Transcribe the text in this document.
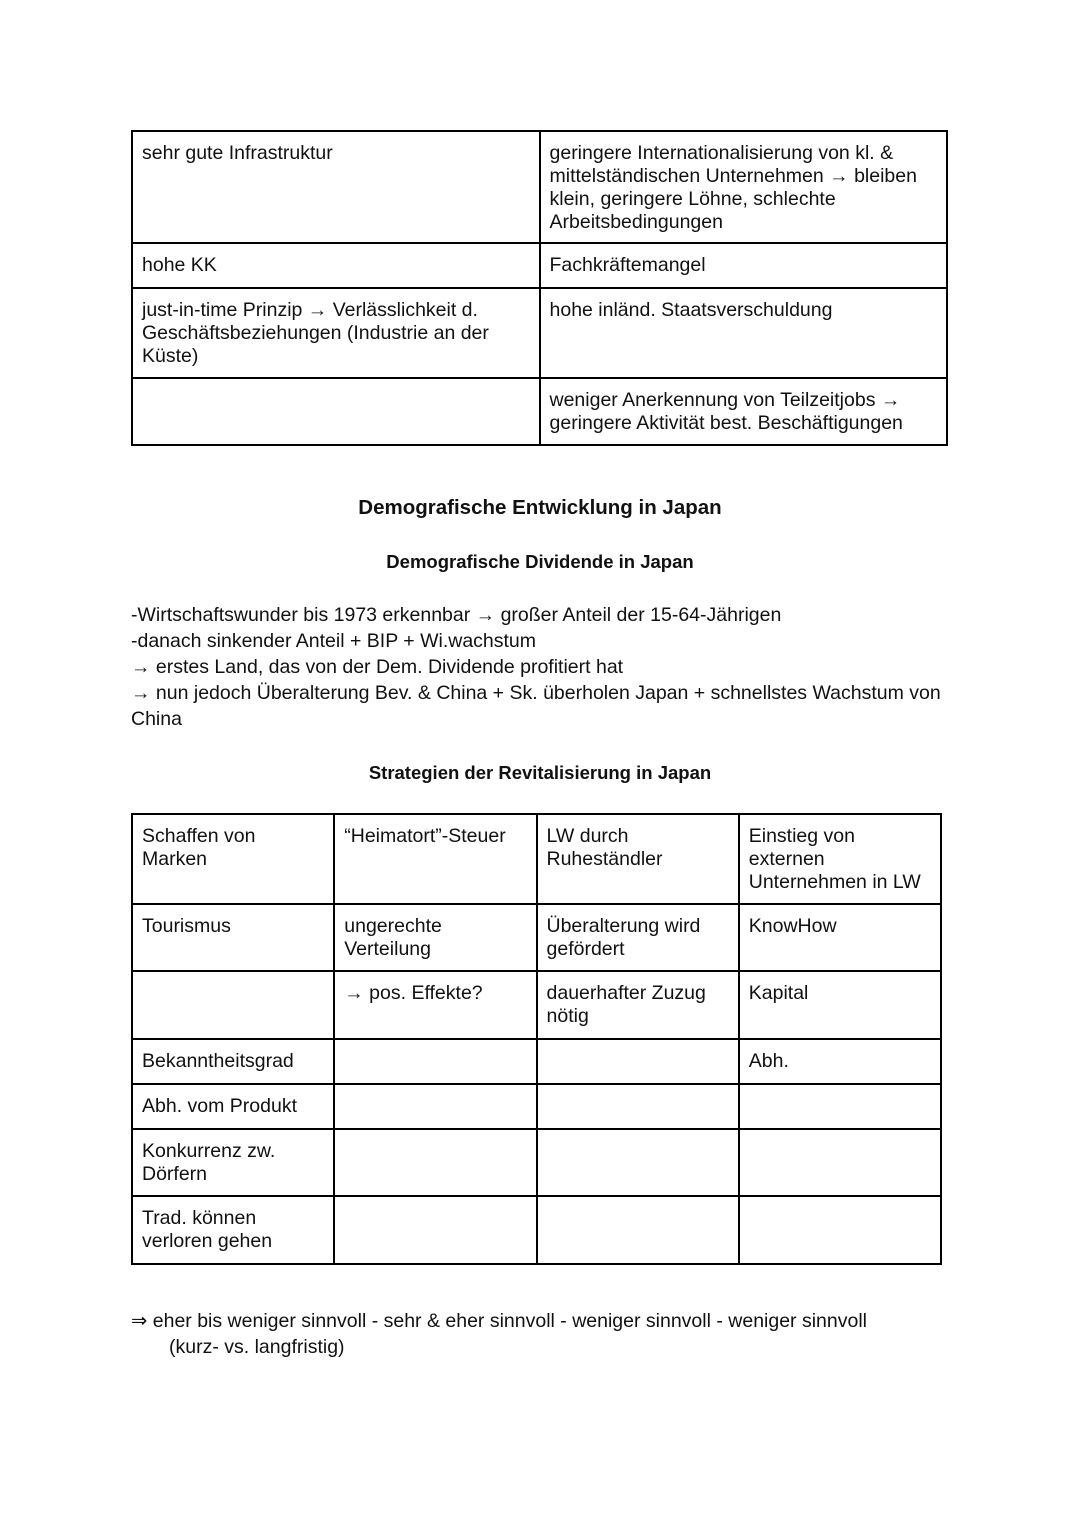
sehr gute Infrastruktur	geringere Internationalisierung von kl. & mittelständischen Unternehmen → bleiben klein, geringere Löhne, schlechte Arbeitsbedingungen
hohe KK	Fachkräftemangel
just-in-time Prinzip → Verlässlichkeit d. Geschäftsbeziehungen (Industrie an der Küste)	hohe inländ. Staatsverschuldung
	weniger Anerkennung von Teilzeitjobs → geringere Aktivität best. Beschäftigungen
Demografische Entwicklung in Japan
Demografische Dividende in Japan
-Wirtschaftswunder bis 1973 erkennbar → großer Anteil der 15-64-Jährigen
-danach sinkender Anteil + BIP + Wi.wachstum
→ erstes Land, das von der Dem. Dividende profitiert hat
→ nun jedoch Überalterung Bev. & China + Sk. überholen Japan + schnellstes Wachstum von China
Strategien der Revitalisierung in Japan
Schaffen von Marken	“Heimatort”-Steuer	LW durch Ruheständler	Einstieg von externen Unternehmen in LW
Tourismus	ungerechte Verteilung	Überalterung wird gefördert	KnowHow
	→ pos. Effekte?	dauerhafter Zuzug nötig	Kapital
Bekanntheitsgrad			Abh.
Abh. vom Produkt			
Konkurrenz zw. Dörfern			
Trad. können verloren gehen			
⇒ eher bis weniger sinnvoll - sehr & eher sinnvoll - weniger sinnvoll - weniger sinnvoll
(kurz- vs. langfristig)
